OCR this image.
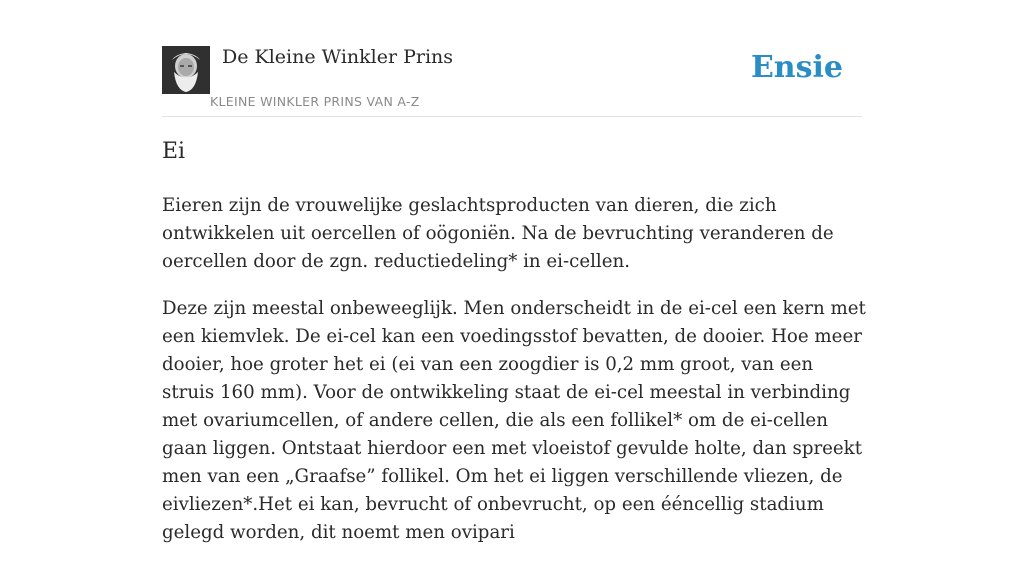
De Kleine Winkler Prins
KLEINE WINKLER PRINS VAN A-Z
Ensie
Ei

Eieren zijn de vrouwelijke geslachtsproducten van dieren, die zich ontwikkelen uit oercellen of oögoniën. Na de bevruchting veranderen de oercellen door de zgn. reductiedeling* in ei-cellen.

Deze zijn meestal onbeweeglijk. Men onderscheidt in de ei-cel een kern met een kiemvlek. De ei-cel kan een voedingsstof bevatten, de dooier. Hoe meer dooier, hoe groter het ei (ei van een zoogdier is 0,2 mm groot, van een struis 160 mm). Voor de ontwikkeling staat de ei-cel meestal in verbinding met ovariumcellen, of andere cellen, die als een follikel* om de ei-cellen gaan liggen. Ontstaat hierdoor een met vloeistof gevulde holte, dan spreekt men van een „Graafse” follikel. Om het ei liggen verschillende vliezen, de eivliezen*.Het ei kan, bevrucht of onbevrucht, op een ééncellig stadium gelegd worden, dit noemt men ovipari
